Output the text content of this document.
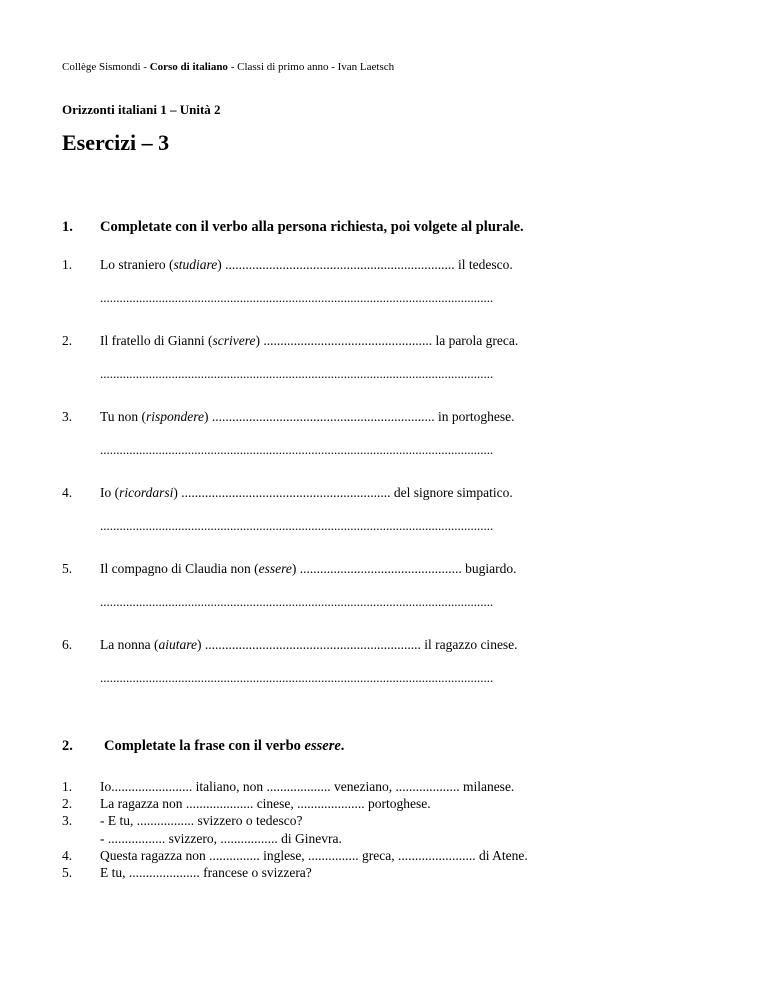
Collège Sismondi - Corso di italiano - Classi di primo anno - Ivan Laetsch
Orizzonti italiani 1 – Unità 2
Esercizi – 3
1. Completate con il verbo alla persona richiesta, poi volgete al plurale.
1. Lo straniero (studiare) .................................................................... il tedesco.
.........................................................................................................................
2. Il fratello di Gianni (scrivere) .................................................. la parola greca.
.........................................................................................................................
3. Tu non (rispondere) .................................................................. in portoghese.
.........................................................................................................................
4. Io (ricordarsi) .............................................................. del signore simpatico.
.........................................................................................................................
5. Il compagno di Claudia non (essere) ................................................ bugiardo.
.........................................................................................................................
6. La nonna (aiutare) ................................................................ il ragazzo cinese.
.........................................................................................................................
2. Completate la frase con il verbo essere.
1. Io........................ italiano, non ................... veneziano, ................... milanese.
2. La ragazza non .................... cinese, .................... portoghese.
3. - E tu, ................. svizzero o tedesco?
- ................. svizzero, ................. di Ginevra.
4. Questa ragazza non ............... inglese, ............... greca, ....................... di Atene.
5. E tu, ..................... francese o svizzera?
